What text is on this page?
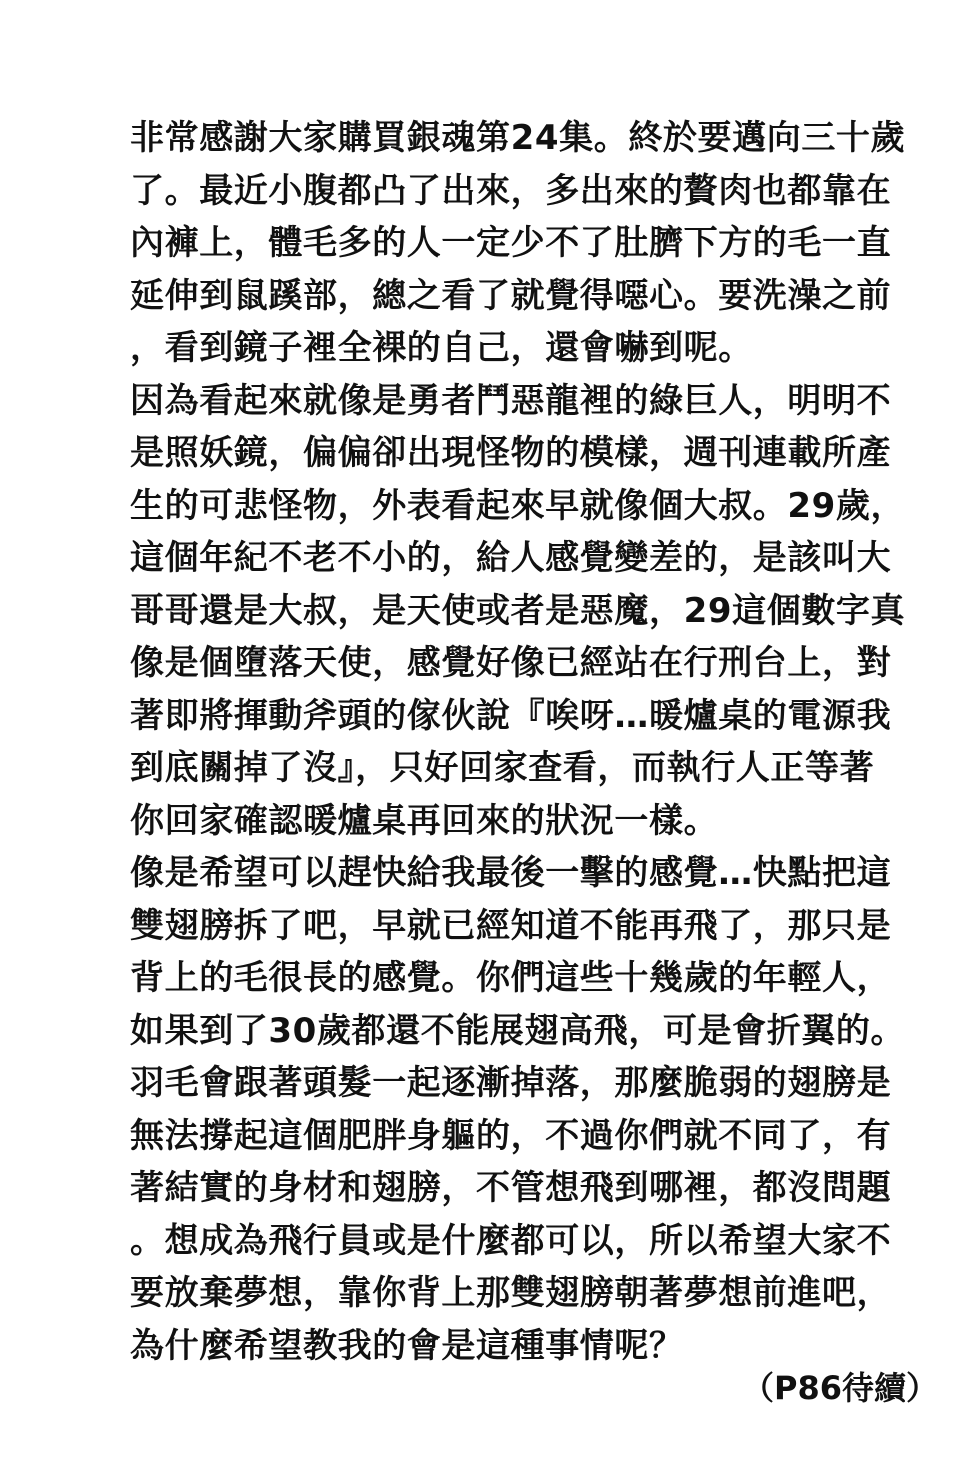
非常感謝大家購買銀魂第24集。終於要邁向三十歲
了。最近小腹都凸了出來，多出來的贅肉也都靠在
內褲上，體毛多的人一定少不了肚臍下方的毛一直
延伸到鼠蹊部，總之看了就覺得噁心。要洗澡之前
，看到鏡子裡全裸的自己，還會嚇到呢。
因為看起來就像是勇者鬥惡龍裡的綠巨人，明明不
是照妖鏡，偏偏卻出現怪物的模樣，週刊連載所產
生的可悲怪物，外表看起來早就像個大叔。29歲，
這個年紀不老不小的，給人感覺變差的，是該叫大
哥哥還是大叔，是天使或者是惡魔，29這個數字真
像是個墮落天使，感覺好像已經站在行刑台上，對
著即將揮動斧頭的傢伙說『唉呀…暖爐桌的電源我
到底關掉了沒』，只好回家查看，而執行人正等著
你回家確認暖爐桌再回來的狀況一樣。
像是希望可以趕快給我最後一擊的感覺…快點把這
雙翅膀拆了吧，早就已經知道不能再飛了，那只是
背上的毛很長的感覺。你們這些十幾歲的年輕人，
如果到了30歲都還不能展翅高飛，可是會折翼的。
羽毛會跟著頭髮一起逐漸掉落，那麼脆弱的翅膀是
無法撐起這個肥胖身軀的，不過你們就不同了，有
著結實的身材和翅膀，不管想飛到哪裡，都沒問題
。想成為飛行員或是什麼都可以，所以希望大家不
要放棄夢想，靠你背上那雙翅膀朝著夢想前進吧，
為什麼希望教我的會是這種事情呢？
（P86待續）
